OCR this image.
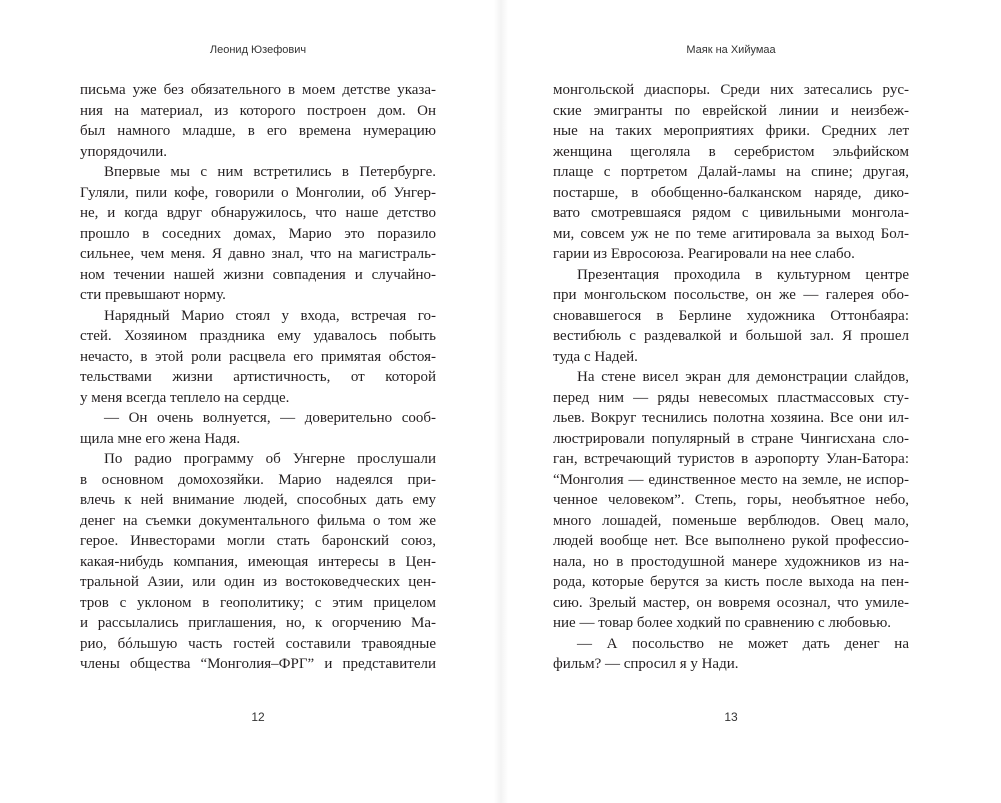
Леонид Юзефович
письма уже без обязательного в моем детстве указа-
ния на материал, из которого построен дом. Он
был намного младше, в его времена нумерацию
упорядочили.
Впервые мы с ним встретились в Петербурге.
Гуляли, пили кофе, говорили о Монголии, об Унгер-
не, и когда вдруг обнаружилось, что наше детство
прошло в соседних домах, Марио это поразило
сильнее, чем меня. Я давно знал, что на магистраль-
ном течении нашей жизни совпадения и случайно-
сти превышают норму.
Нарядный Марио стоял у входа, встречая го-
стей. Хозяином праздника ему удавалось побыть
нечасто, в этой роли расцвела его примятая обстоя-
тельствами жизни артистичность, от которой
у меня всегда теплело на сердце.
— Он очень волнуется, — доверительно сооб-
щила мне его жена Надя.
По радио программу об Унгерне прослушали
в основном домохозяйки. Марио надеялся при-
влечь к ней внимание людей, способных дать ему
денег на съемки документального фильма о том же
герое. Инвесторами могли стать баронский союз,
какая-нибудь компания, имеющая интересы в Цен-
тральной Азии, или один из востоковедческих цен-
тров с уклоном в геополитику; с этим прицелом
и рассылались приглашения, но, к огорчению Ма-
рио, бóльшую часть гостей составили травоядные
члены общества “Монголия–ФРГ” и представители
12
Маяк на Хийумаа
монгольской диаспоры. Среди них затесались рус-
ские эмигранты по еврейской линии и неизбеж-
ные на таких мероприятиях фрики. Средних лет
женщина щеголяла в серебристом эльфийском
плаще с портретом Далай-ламы на спине; другая,
постарше, в обобщенно-балканском наряде, дико-
вато смотревшаяся рядом с цивильными монгола-
ми, совсем уж не по теме агитировала за выход Бол-
гарии из Евросоюза. Реагировали на нее слабо.
Презентация проходила в культурном центре
при монгольском посольстве, он же — галерея обо-
сновавшегося в Берлине художника Оттонбаяра:
вестибюль с раздевалкой и большой зал. Я прошел
туда с Надей.
На стене висел экран для демонстрации слайдов,
перед ним — ряды невесомых пластмассовых сту-
льев. Вокруг теснились полотна хозяина. Все они ил-
люстрировали популярный в стране Чингисхана сло-
ган, встречающий туристов в аэропорту Улан-Батора:
“Монголия — единственное место на земле, не испор-
ченное человеком”. Степь, горы, необъятное небо,
много лошадей, поменьше верблюдов. Овец мало,
людей вообще нет. Все выполнено рукой профессио-
нала, но в простодушной манере художников из на-
рода, которые берутся за кисть после выхода на пен-
сию. Зрелый мастер, он вовремя осознал, что умиле-
ние — товар более ходкий по сравнению с любовью.
— А посольство не может дать денег на
фильм? — спросил я у Нади.
13
